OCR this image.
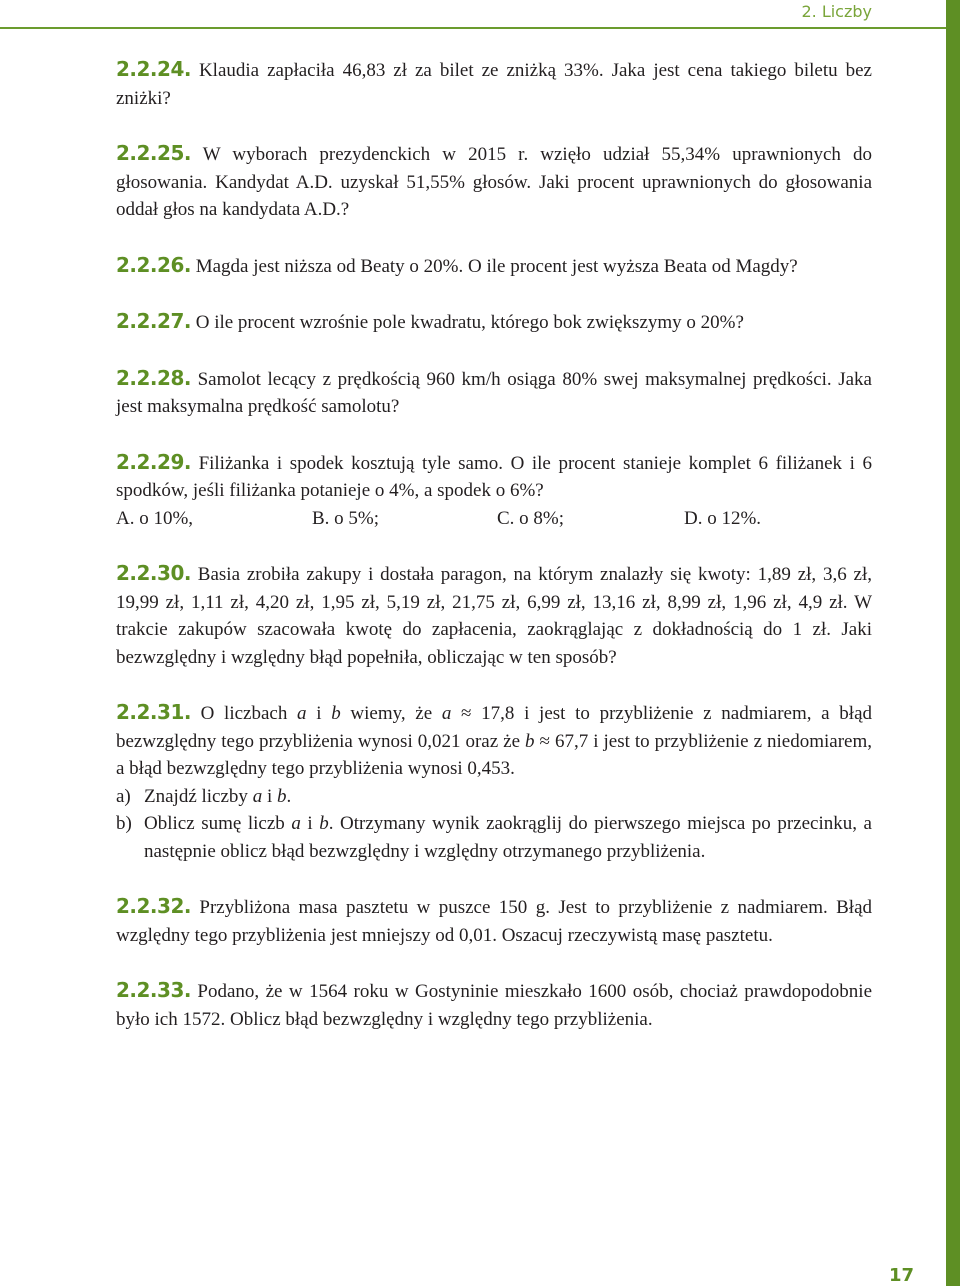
2. Liczby

2.2.24. Klaudia zapłaciła 46,83 zł za bilet ze zniżką 33%. Jaka jest cena takiego biletu bez zniżki?

2.2.25. W wyborach prezydenckich w 2015 r. wzięło udział 55,34% uprawnionych do głosowania. Kandydat A.D. uzyskał 51,55% głosów. Jaki procent uprawnionych do głosowania oddał głos na kandydata A.D.?

2.2.26. Magda jest niższa od Beaty o 20%. O ile procent jest wyższa Beata od Magdy?

2.2.27. O ile procent wzrośnie pole kwadratu, którego bok zwiększymy o 20%?

2.2.28. Samolot lecący z prędkością 960 km/h osiąga 80% swej maksymalnej prędkości. Jaka jest maksymalna prędkość samolotu?

2.2.29. Filiżanka i spodek kosztują tyle samo. O ile procent stanieje komplet 6 filiżanek i 6 spodków, jeśli filiżanka potanieje o 4%, a spodek o 6%?
A. o 10%,	B. o 5%;	C. o 8%;	D. o 12%.

2.2.30. Basia zrobiła zakupy i dostała paragon, na którym znalazły się kwoty: 1,89 zł, 3,6 zł, 19,99 zł, 1,11 zł, 4,20 zł, 1,95 zł, 5,19 zł, 21,75 zł, 6,99 zł, 13,16 zł, 8,99 zł, 1,96 zł, 4,9 zł. W trakcie zakupów szacowała kwotę do zapłacenia, zaokrąglając z dokładnością do 1 zł. Jaki bezwzględny i względny błąd popełniła, obliczając w ten sposób?

2.2.31. O liczbach a i b wiemy, że a ≈ 17,8 i jest to przybliżenie z nadmiarem, a błąd bezwzględny tego przybliżenia wynosi 0,021 oraz że b ≈ 67,7 i jest to przybliżenie z niedomiarem, a błąd bezwzględny tego przybliżenia wynosi 0,453.
a) Znajdź liczby a i b.
b) Oblicz sumę liczb a i b. Otrzymany wynik zaokrąglij do pierwszego miejsca po przecinku, a następnie oblicz błąd bezwzględny i względny otrzymanego przybliżenia.

2.2.32. Przybliżona masa pasztetu w puszce 150 g. Jest to przybliżenie z nadmiarem. Błąd względny tego przybliżenia jest mniejszy od 0,01. Oszacuj rzeczywistą masę pasztetu.

2.2.33. Podano, że w 1564 roku w Gostyninie mieszkało 1600 osób, chociaż prawdopodobnie było ich 1572. Oblicz błąd bezwzględny i względny tego przybliżenia.

17
